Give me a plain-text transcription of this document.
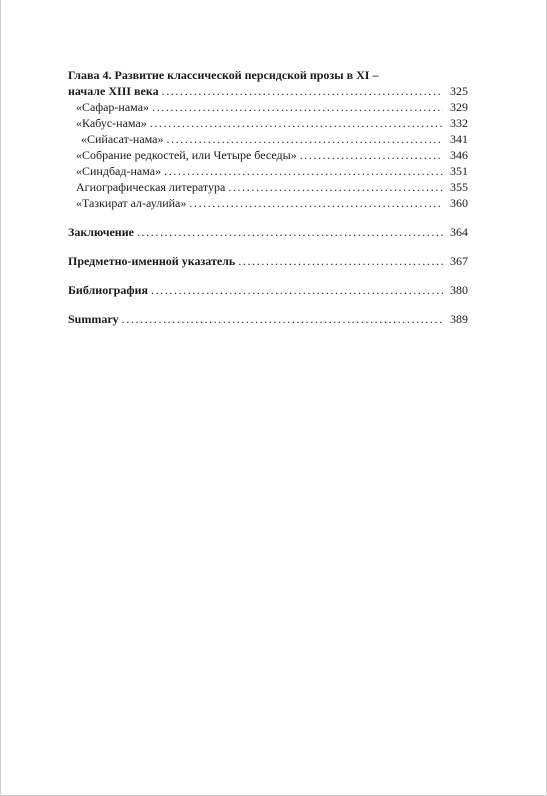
Глава 4. Развитие классической персидской прозы в XI –
начале XIII века .....	325
«Сафар-нама» .....	329
«Кабус-нама» .....	332
«Сийасат-нама» .....	341
«Собрание редкостей, или Четыре беседы» .....	346
«Синдбад-нама» .....	351
Агиографическая литература .....	355
«Тазкират ал-аулийа» .....	360
Заключение .....	364
Предметно-именной указатель .....	367
Библиография .....	380
Summary .....	389
